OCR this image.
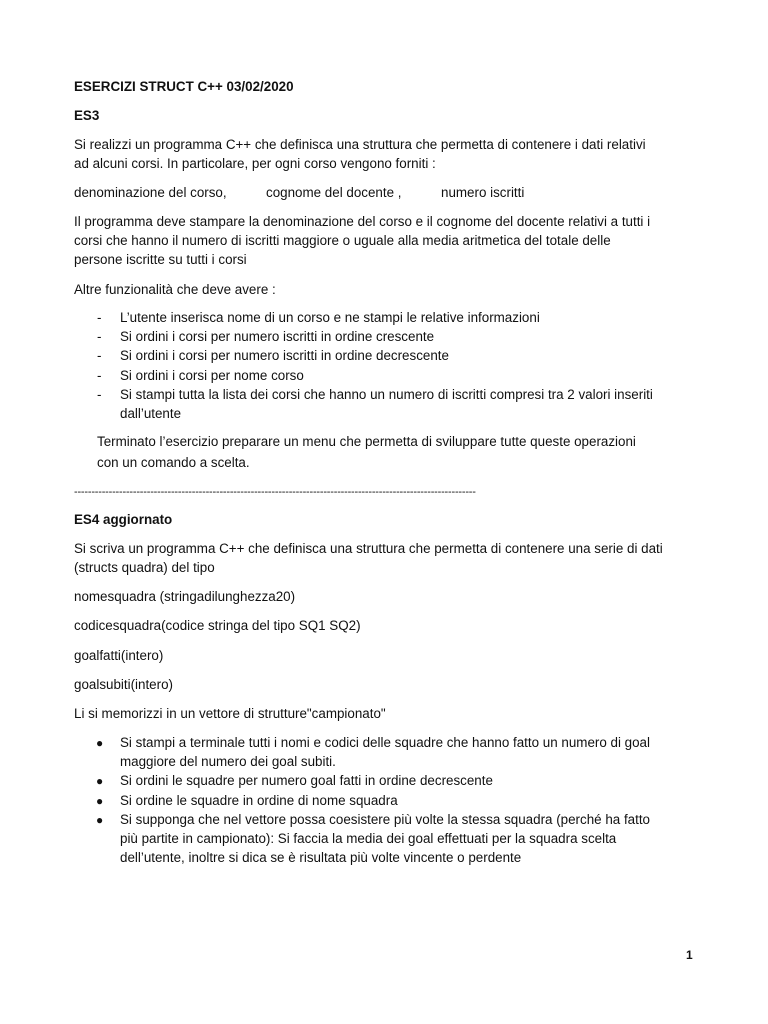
ESERCIZI STRUCT C++ 03/02/2020
ES3
Si realizzi un programma C++ che definisca una struttura che permetta di contenere i dati relativi
ad alcuni corsi. In particolare, per ogni corso vengono forniti :
denominazione del corso,	cognome del docente ,	numero iscritti
Il programma deve stampare la denominazione del corso e il cognome del docente relativi a tutti i
corsi che hanno il numero di iscritti maggiore o uguale alla media aritmetica del totale delle
persone iscritte su tutti i corsi
Altre funzionalità che deve avere :
- L’utente inserisca nome di un corso e ne stampi le relative informazioni
- Si ordini i corsi per numero iscritti in ordine crescente
- Si ordini i corsi per numero iscritti in ordine decrescente
- Si ordini i corsi per nome corso
- Si stampi tutta la lista dei corsi che hanno un numero di iscritti compresi tra 2 valori inseriti
dall’utente
Terminato l’esercizio preparare un menu che permetta di sviluppare tutte queste operazioni
con un comando a scelta.
--------------------------------------------------------------------------------------------------------------------
ES4 aggiornato
Si scriva un programma C++ che definisca una struttura che permetta di contenere una serie di dati
(structs quadra) del tipo
nomesquadra (stringadilunghezza20)
codicesquadra(codice stringa del tipo SQ1 SQ2)
goalfatti(intero)
goalsubiti(intero)
Li si memorizzi in un vettore di strutture"campionato"
● Si stampi a terminale tutti i nomi e codici delle squadre che hanno fatto un numero di goal
maggiore del numero dei goal subiti.
● Si ordini le squadre per numero goal fatti in ordine decrescente
● Si ordine le squadre in ordine di nome squadra
● Si supponga che nel vettore possa coesistere più volte la stessa squadra (perché ha fatto
più partite in campionato): Si faccia la media dei goal effettuati per la squadra scelta
dell’utente, inoltre si dica se è risultata più volte vincente o perdente
1
